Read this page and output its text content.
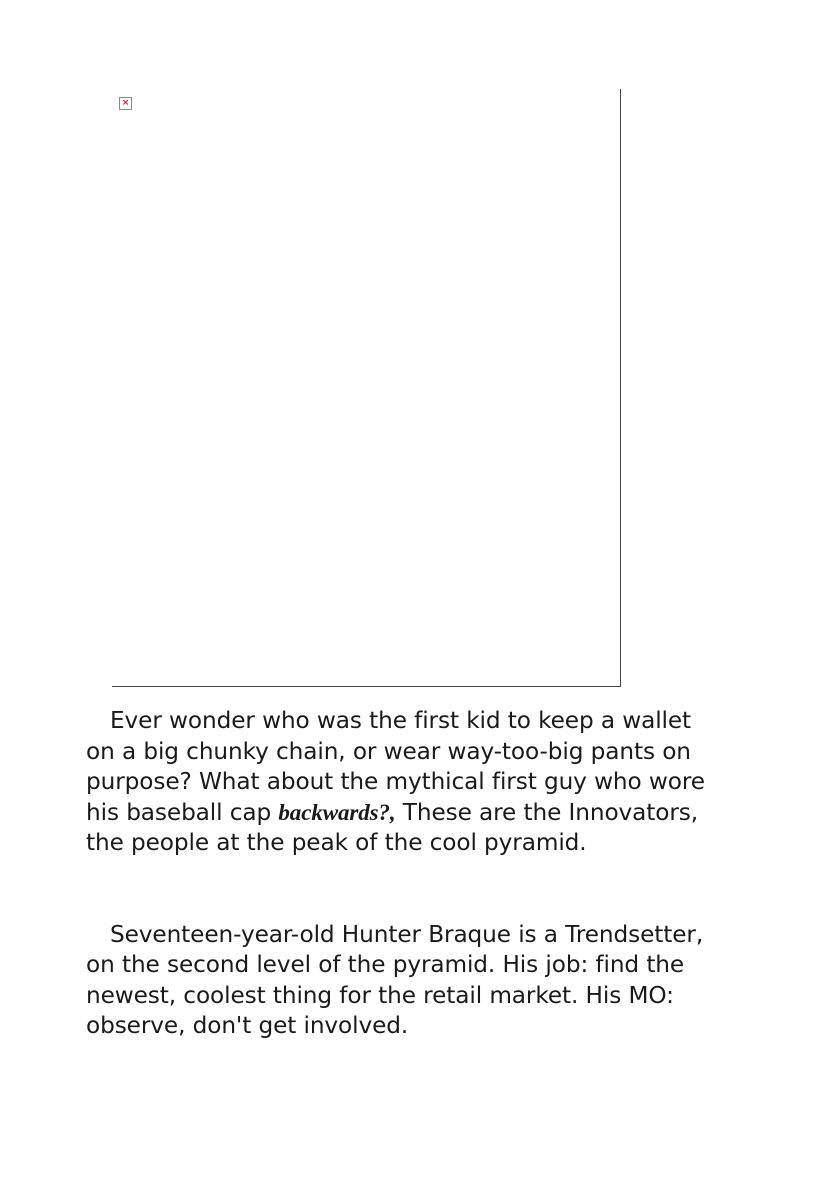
×
Ever wonder who was the first kid to keep a wallet
on a big chunky chain, or wear way-too-big pants on
purpose? What about the mythical first guy who wore
his baseball cap backwards?, These are the Innovators,
the people at the peak of the cool pyramid.
Seventeen-year-old Hunter Braque is a Trendsetter,
on the second level of the pyramid. His job: find the
newest, coolest thing for the retail market. His MO:
observe, don't get involved.
